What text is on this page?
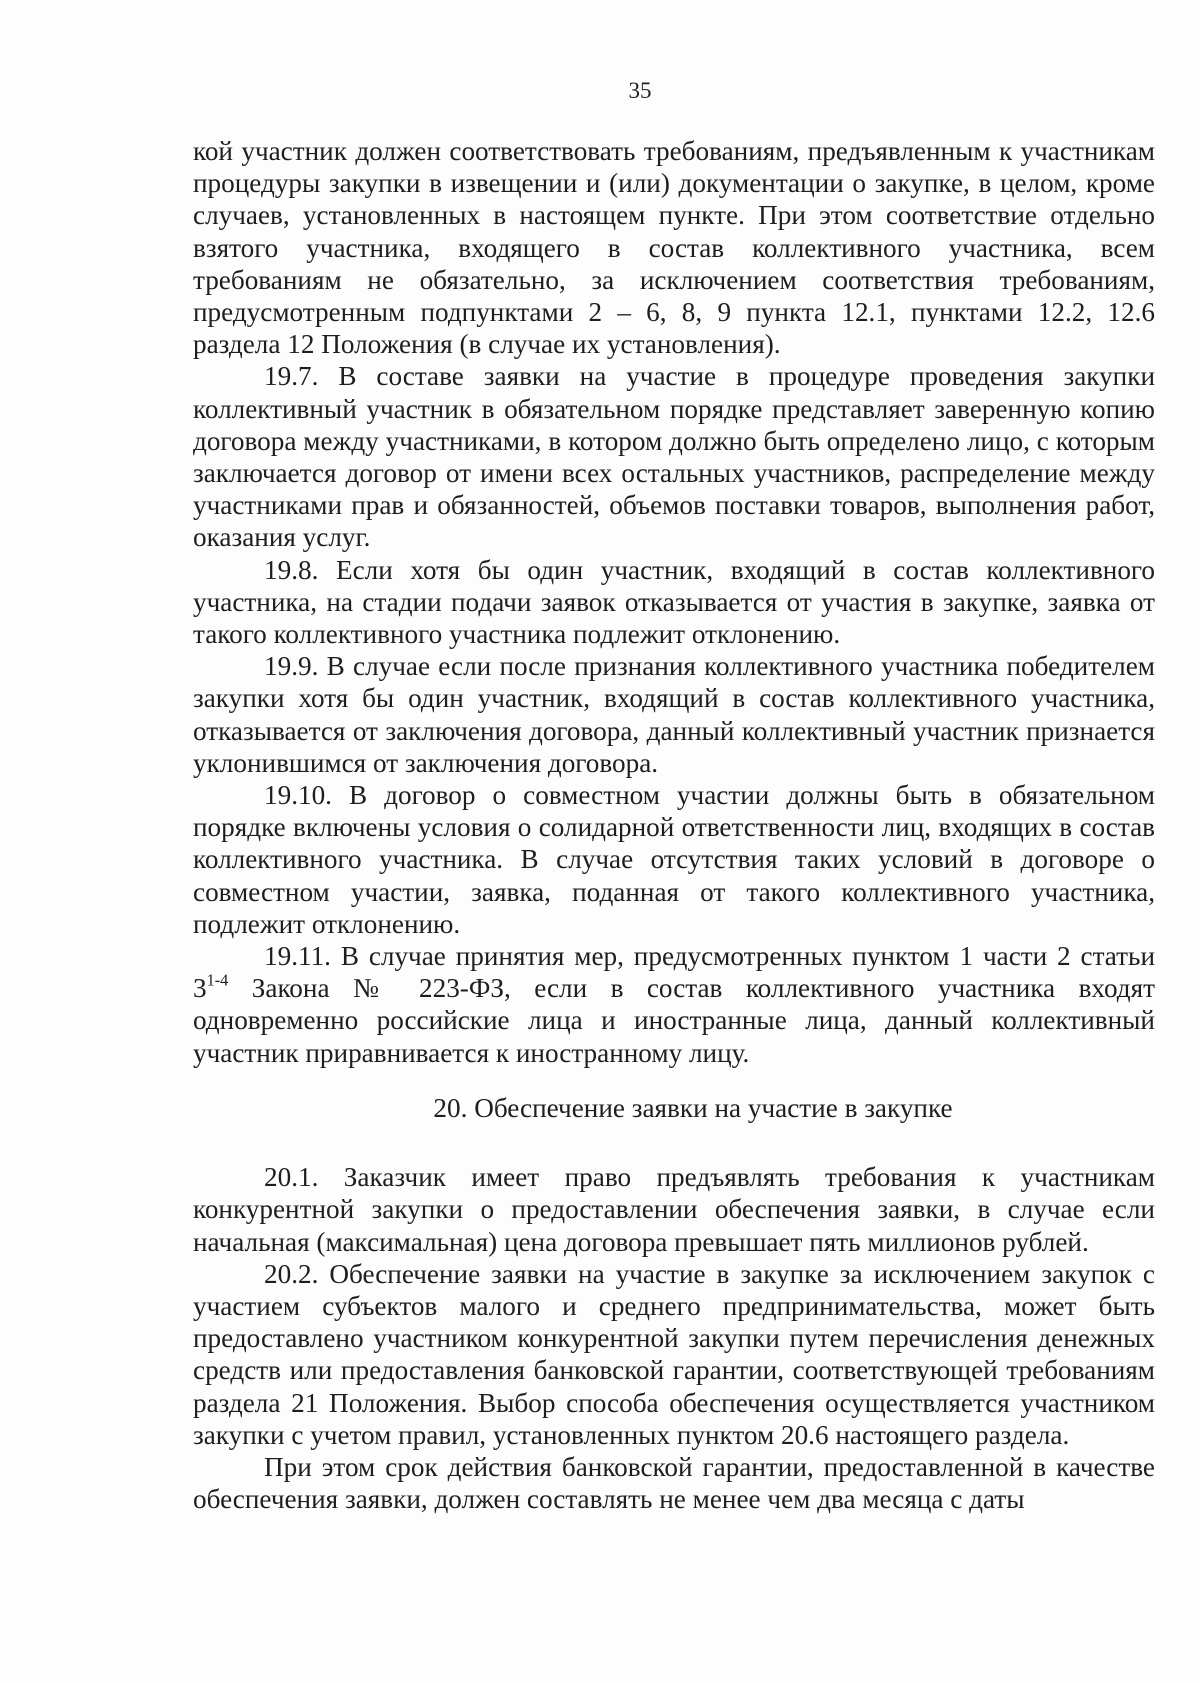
35

кой участник должен соответствовать требованиям, предъявленным к участникам процедуры закупки в извещении и (или) документации о закупке, в целом, кроме случаев, установленных в настоящем пункте. При этом соответствие отдельно взятого участника, входящего в состав коллективного участника, всем требованиям не обязательно, за исключением соответствия требованиям, предусмотренным подпунктами 2 – 6, 8, 9 пункта 12.1, пунктами 12.2, 12.6 раздела 12 Положения (в случае их установления).

19.7. В составе заявки на участие в процедуре проведения закупки коллективный участник в обязательном порядке представляет заверенную копию договора между участниками, в котором должно быть определено лицо, с которым заключается договор от имени всех остальных участников, распределение между участниками прав и обязанностей, объемов поставки товаров, выполнения работ, оказания услуг.

19.8. Если хотя бы один участник, входящий в состав коллективного участника, на стадии подачи заявок отказывается от участия в закупке, заявка от такого коллективного участника подлежит отклонению.

19.9. В случае если после признания коллективного участника победителем закупки хотя бы один участник, входящий в состав коллективного участника, отказывается от заключения договора, данный коллективный участник признается уклонившимся от заключения договора.

19.10. В договор о совместном участии должны быть в обязательном порядке включены условия о солидарной ответственности лиц, входящих в состав коллективного участника. В случае отсутствия таких условий в договоре о совместном участии, заявка, поданная от такого коллективного участника, подлежит отклонению.

19.11. В случае принятия мер, предусмотренных пунктом 1 части 2 статьи 3$^{1-4}$ Закона № 223-ФЗ, если в состав коллективного участника входят одновременно российские лица и иностранные лица, данный коллективный участник приравнивается к иностранному лицу.

20. Обеспечение заявки на участие в закупке

20.1. Заказчик имеет право предъявлять требования к участникам конкурентной закупки о предоставлении обеспечения заявки, в случае если начальная (максимальная) цена договора превышает пять миллионов рублей.

20.2. Обеспечение заявки на участие в закупке за исключением закупок с участием субъектов малого и среднего предпринимательства, может быть предоставлено участником конкурентной закупки путем перечисления денежных средств или предоставления банковской гарантии, соответствующей требованиям раздела 21 Положения. Выбор способа обеспечения осуществляется участником закупки с учетом правил, установленных пунктом 20.6 настоящего раздела.

При этом срок действия банковской гарантии, предоставленной в качестве обеспечения заявки, должен составлять не менее чем два месяца с даты
